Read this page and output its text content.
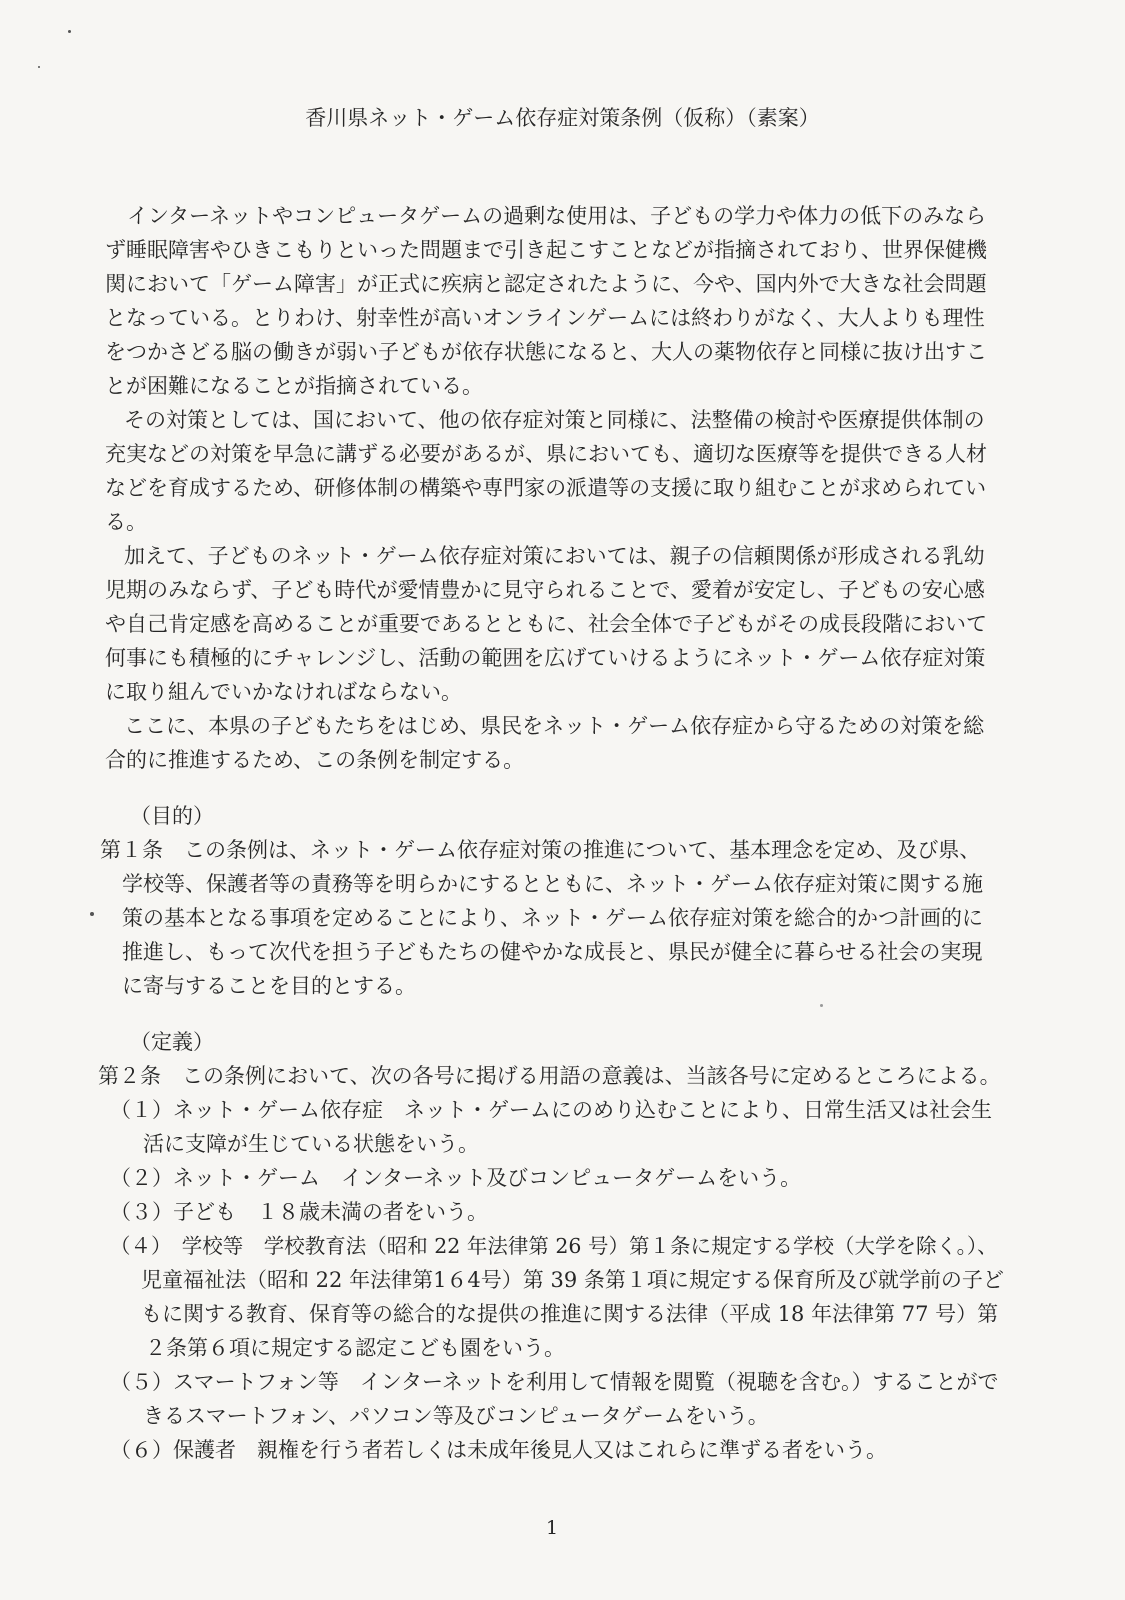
香川県ネット・ゲーム依存症対策条例（仮称）（素案）
インターネットやコンピュータゲームの過剰な使用は、子どもの学力や体力の低下のみなら
ず睡眠障害やひきこもりといった問題まで引き起こすことなどが指摘されており、世界保健機
関において「ゲーム障害」が正式に疾病と認定されたように、今や、国内外で大きな社会問題
となっている。とりわけ、射幸性が高いオンラインゲームには終わりがなく、大人よりも理性
をつかさどる脳の働きが弱い子どもが依存状態になると、大人の薬物依存と同様に抜け出すこ
とが困難になることが指摘されている。
その対策としては、国において、他の依存症対策と同様に、法整備の検討や医療提供体制の
充実などの対策を早急に講ずる必要があるが、県においても、適切な医療等を提供できる人材
などを育成するため、研修体制の構築や専門家の派遣等の支援に取り組むことが求められてい
る。
加えて、子どものネット・ゲーム依存症対策においては、親子の信頼関係が形成される乳幼
児期のみならず、子ども時代が愛情豊かに見守られることで、愛着が安定し、子どもの安心感
や自己肯定感を高めることが重要であるとともに、社会全体で子どもがその成長段階において
何事にも積極的にチャレンジし、活動の範囲を広げていけるようにネット・ゲーム依存症対策
に取り組んでいかなければならない。
ここに、本県の子どもたちをはじめ、県民をネット・ゲーム依存症から守るための対策を総
合的に推進するため、この条例を制定する。
（目的）
第１条　この条例は、ネット・ゲーム依存症対策の推進について、基本理念を定め、及び県、
学校等、保護者等の責務等を明らかにするとともに、ネット・ゲーム依存症対策に関する施
策の基本となる事項を定めることにより、ネット・ゲーム依存症対策を総合的かつ計画的に
推進し、もって次代を担う子どもたちの健やかな成長と、県民が健全に暮らせる社会の実現
に寄与することを目的とする。
（定義）
第２条　この条例において、次の各号に掲げる用語の意義は、当該各号に定めるところによる。
（１）ネット・ゲーム依存症　ネット・ゲームにのめり込むことにより、日常生活又は社会生
活に支障が生じている状態をいう。
（２）ネット・ゲーム　インターネット及びコンピュータゲームをいう。
（３）子ども　１８歳未満の者をいう。
（４）　学校等　学校教育法（昭和 22 年法律第 26 号）第１条に規定する学校（大学を除く。）、
児童福祉法（昭和 22 年法律第1６4号）第 39 条第１項に規定する保育所及び就学前の子ど
もに関する教育、保育等の総合的な提供の推進に関する法律（平成 18 年法律第 77 号）第
２条第６項に規定する認定こども園をいう。
（５）スマートフォン等　インターネットを利用して情報を閲覧（視聴を含む。）することがで
きるスマートフォン、パソコン等及びコンピュータゲームをいう。
（６）保護者　親権を行う者若しくは未成年後見人又はこれらに準ずる者をいう。
1
